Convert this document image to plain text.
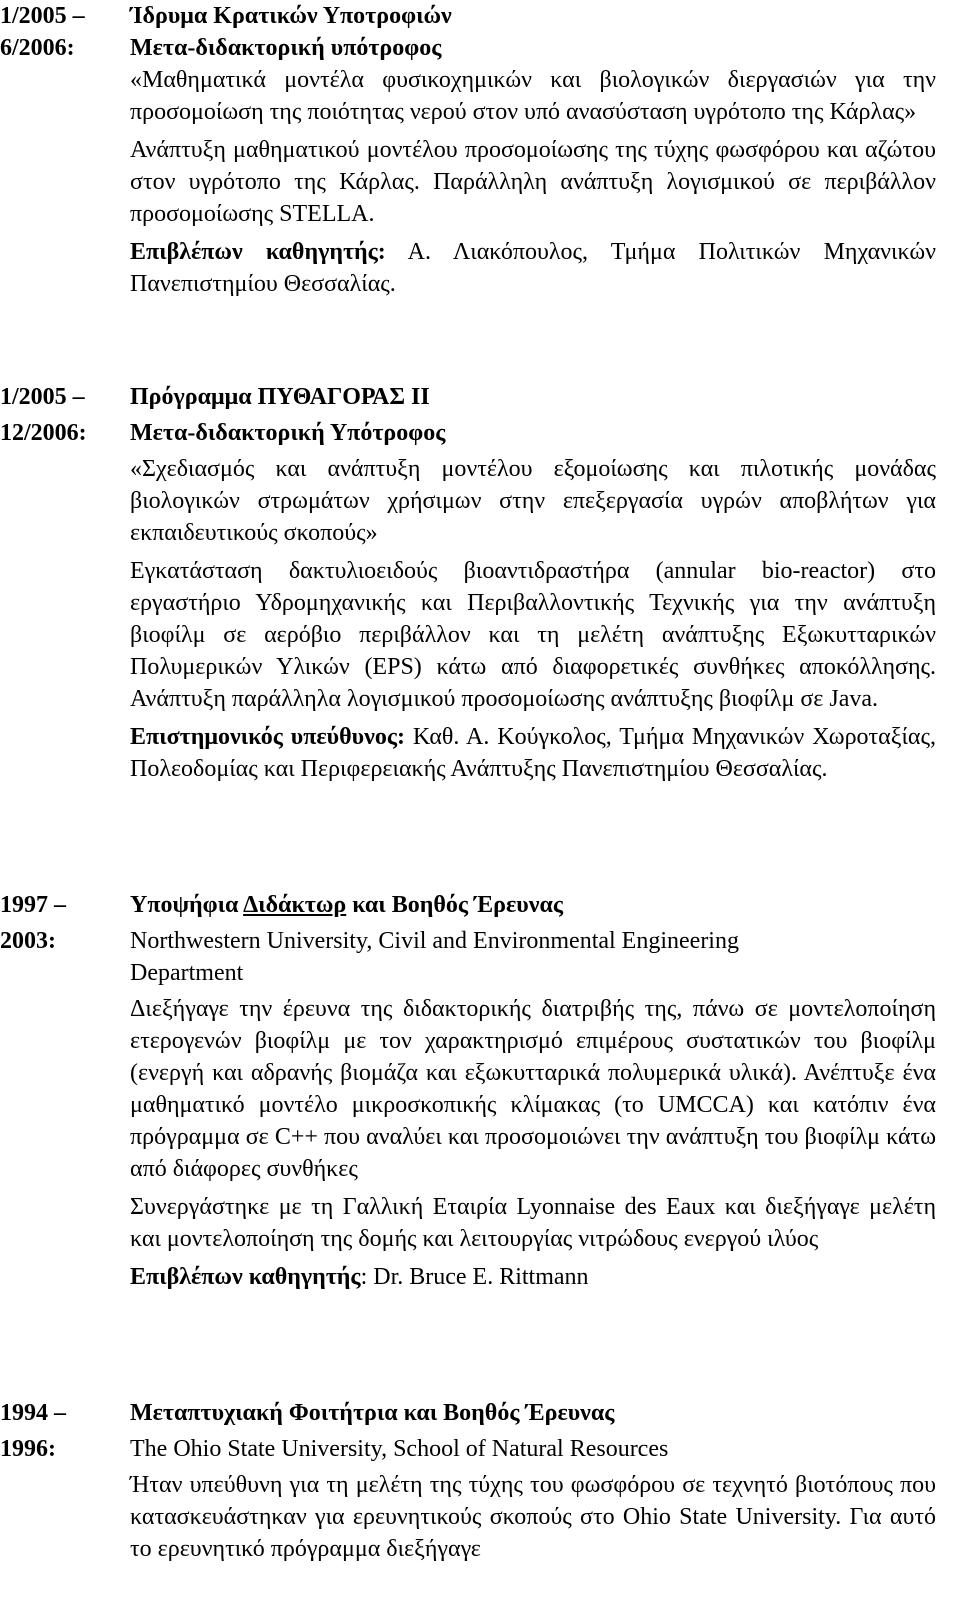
1/2005 –	Ίδρυμα Κρατικών Υποτροφιών
6/2006:	Μετα-διδακτορική υπότροφος

«Μαθηματικά μοντέλα φυσικοχημικών και βιολογικών διεργασιών για την προσομοίωση της ποιότητας νερού στον υπό ανασύσταση υγρότοπο της Κάρλας»

Ανάπτυξη μαθηματικού μοντέλου προσομοίωσης της τύχης φωσφόρου και αζώτου στον υγρότοπο της Κάρλας. Παράλληλη ανάπτυξη λογισμικού σε περιβάλλον προσομοίωσης STELLA.

Επιβλέπων καθηγητής: Α. Λιακόπουλος, Τμήμα Πολιτικών Μηχανικών Πανεπιστημίου Θεσσαλίας.

1/2005 –	Πρόγραμμα ΠΥΘΑΓΟΡΑΣ ΙΙ
12/2006:	Μετα-διδακτορική Υπότροφος

«Σχεδιασμός και ανάπτυξη μοντέλου εξομοίωσης και πιλοτικής μονάδας βιολογικών στρωμάτων χρήσιμων στην επεξεργασία υγρών αποβλήτων για εκπαιδευτικούς σκοπούς»

Εγκατάσταση δακτυλιοειδούς βιοαντιδραστήρα (annular bio-reactor) στο εργαστήριο Υδρομηχανικής και Περιβαλλοντικής Τεχνικής για την ανάπτυξη βιοφίλμ σε αερόβιο περιβάλλον και τη μελέτη ανάπτυξης Εξωκυτταρικών Πολυμερικών Υλικών (EPS) κάτω από διαφορετικές συνθήκες αποκόλλησης. Ανάπτυξη παράλληλα λογισμικού προσομοίωσης ανάπτυξης βιοφίλμ σε Java.

Επιστημονικός υπεύθυνος: Καθ. Α. Κούγκολος, Τμήμα Μηχανικών Χωροταξίας, Πολεοδομίας και Περιφερειακής Ανάπτυξης Πανεπιστημίου Θεσσαλίας.

1997 –	Υποψήφια Διδάκτωρ και Βοηθός Έρευνας
2003:	Northwestern University, Civil and Environmental Engineering Department

Διεξήγαγε την έρευνα της διδακτορικής διατριβής της, πάνω σε μοντελοποίηση ετερογενών βιοφίλμ με τον χαρακτηρισμό επιμέρους συστατικών του βιοφίλμ (ενεργή και αδρανής βιομάζα και εξωκυτταρικά πολυμερικά υλικά). Ανέπτυξε ένα μαθηματικό μοντέλο μικροσκοπικής κλίμακας (το UMCCA) και κατόπιν ένα πρόγραμμα σε C++ που αναλύει και προσομοιώνει την ανάπτυξη του βιοφίλμ κάτω από διάφορες συνθήκες

Συνεργάστηκε με τη Γαλλική Εταιρία Lyonnaise des Eaux και διεξήγαγε μελέτη και μοντελοποίηση της δομής και λειτουργίας νιτρώδους ενεργού ιλύος

Επιβλέπων καθηγητής: Dr. Bruce E. Rittmann

1994 –	Μεταπτυχιακή Φοιτήτρια και Βοηθός Έρευνας
1996:	The Ohio State University, School of Natural Resources

Ήταν υπεύθυνη για τη μελέτη της τύχης του φωσφόρου σε τεχνητό βιοτόπους που κατασκευάστηκαν για ερευνητικούς σκοπούς στο Ohio State University. Για αυτό το ερευνητικό πρόγραμμα διεξήγαγε
